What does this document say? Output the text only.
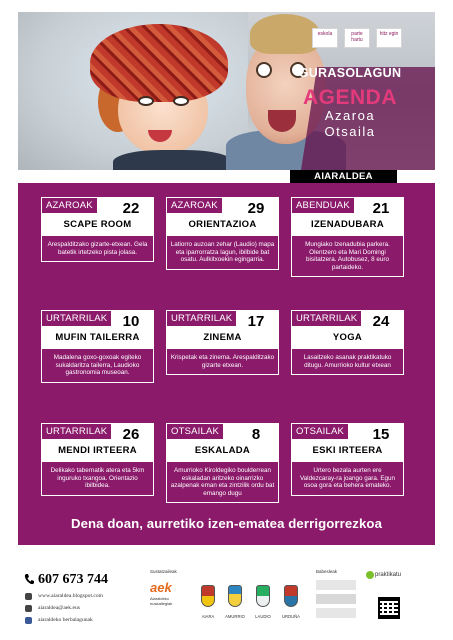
eskola	parte hartu
hitz egin
GURASOLAGUN
AGENDA
Azaroa
Otsaila
AIARALDEA
AZAROAK	22
SCAPE ROOM
Arespalditzako gizarte-etxean. Gela batetik irtetzeko pista jolasa.
AZAROAK	29
ORIENTAZIOA
Latiorro auzoan zehar (Laudio) mapa eta iparrorratza lagun, ibilbide bat osatu. Aulkitxoekin egingarria.
ABENDUAK	21
IZENADUBARA
Mungiako Izenadubia parkera. Olentzero eta Mari Domingi bisitatzera. Autobusez, 8 euro partaideko.
URTARRILAK	10
MUFIN TAILERRA
Madalena goxo-goxoak egiteko sukaldaritza tailerra, Laudioko gastronomia museoan.
URTARRILAK	17
ZINEMA
Krispetak eta zinema. Arespalditzako gizarte etxean.
URTARRILAK	24
YOGA
Lasaitzeko asanak praktikatuko ditugu. Amurrioko kultur etxean
URTARRILAK	26
MENDI IRTEERA
Delikako tabernatik atera eta 5km inguruko txangoa. Orientazio ibilbidea.
OTSAILAK	8
ESKALADA
Amurrioko Kiroldegiko boulderrean eskaladan aritzeko oinarrizko azalpenak eman eta zintzilik ordu bat emango dugu
OTSAILAK	15
ESKI IRTEERA
Urtero bezala aurten ere Valdezcaray-ra joango gara. Egun osoa gora eta behera emateko.
Dena doan, aurretiko izen-ematea derrigorrezkoa
607 673 744
www.aiaraldea.blogspot.com
aiaraldea@aek.eus
aiaraldeko berbalagunak
Sustatzaileak
aek
Aiaraldeko euskaltegiak
AIARA	AMURRIO	LAUDIO	URDUÑA
Babesleak
praktikatu
